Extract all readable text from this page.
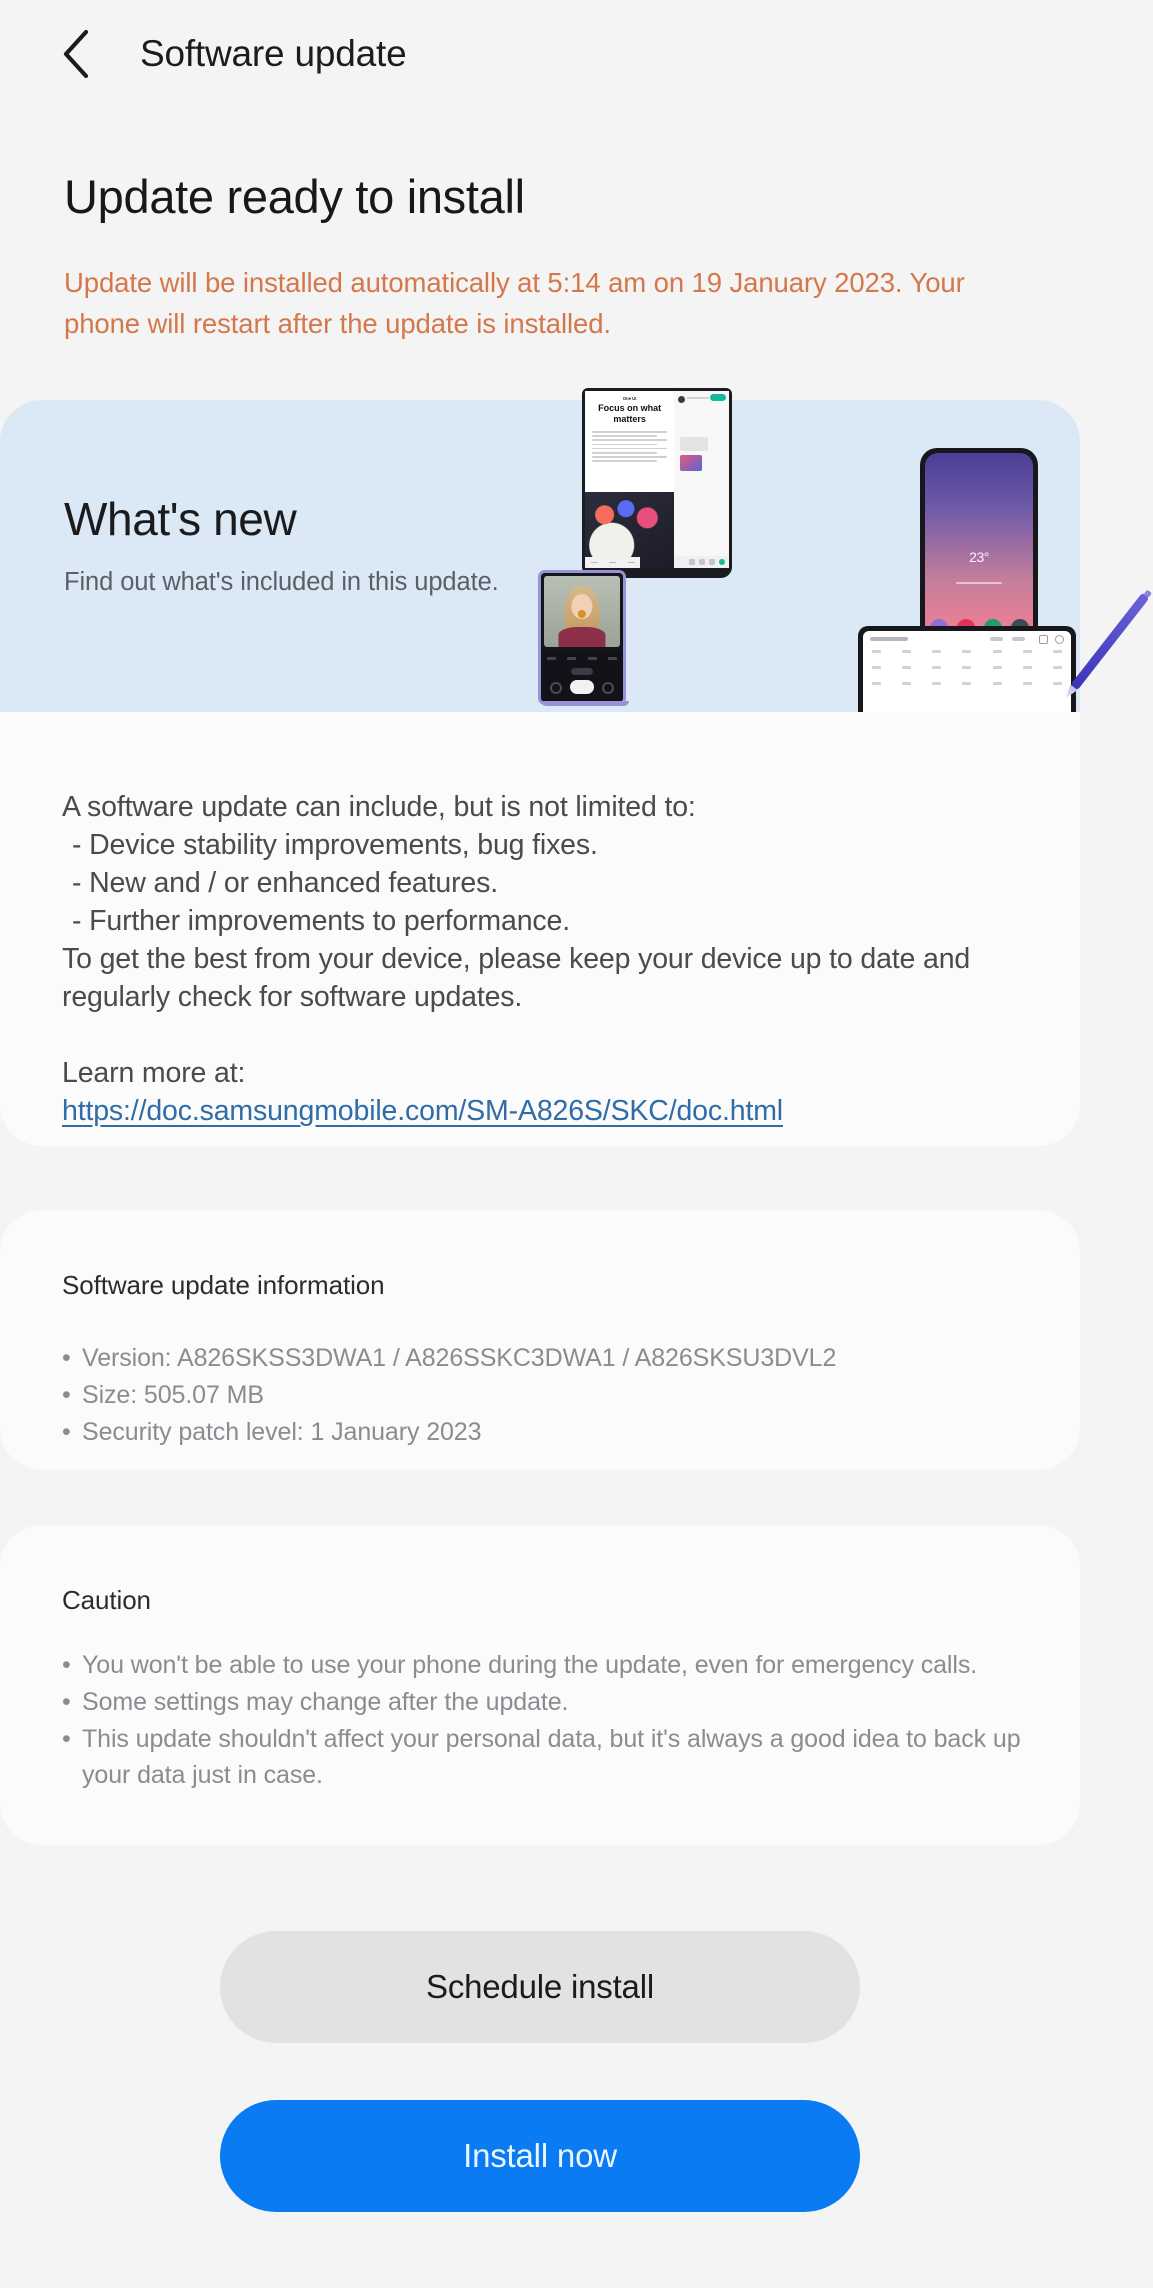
Software update
Update ready to install
Update will be installed automatically at 5:14 am on 19 January 2023. Your phone will restart after the update is installed.
What's new
Find out what's included in this update.
One UI
Focus on what matters
23°
A software update can include, but is not limited to:
- Device stability improvements, bug fixes.
- New and / or enhanced features.
- Further improvements to performance.
To get the best from your device, please keep your device up to date and regularly check for software updates.
Learn more at:
https://doc.samsungmobile.com/SM-A826S/SKC/doc.html
Software update information
• Version: A826SKSS3DWA1 / A826SSKC3DWA1 / A826SKSU3DVL2
• Size: 505.07 MB
• Security patch level: 1 January 2023
Caution
• You won't be able to use your phone during the update, even for emergency calls.
• Some settings may change after the update.
• This update shouldn't affect your personal data, but it's always a good idea to back up your data just in case.
Schedule install
Install now
